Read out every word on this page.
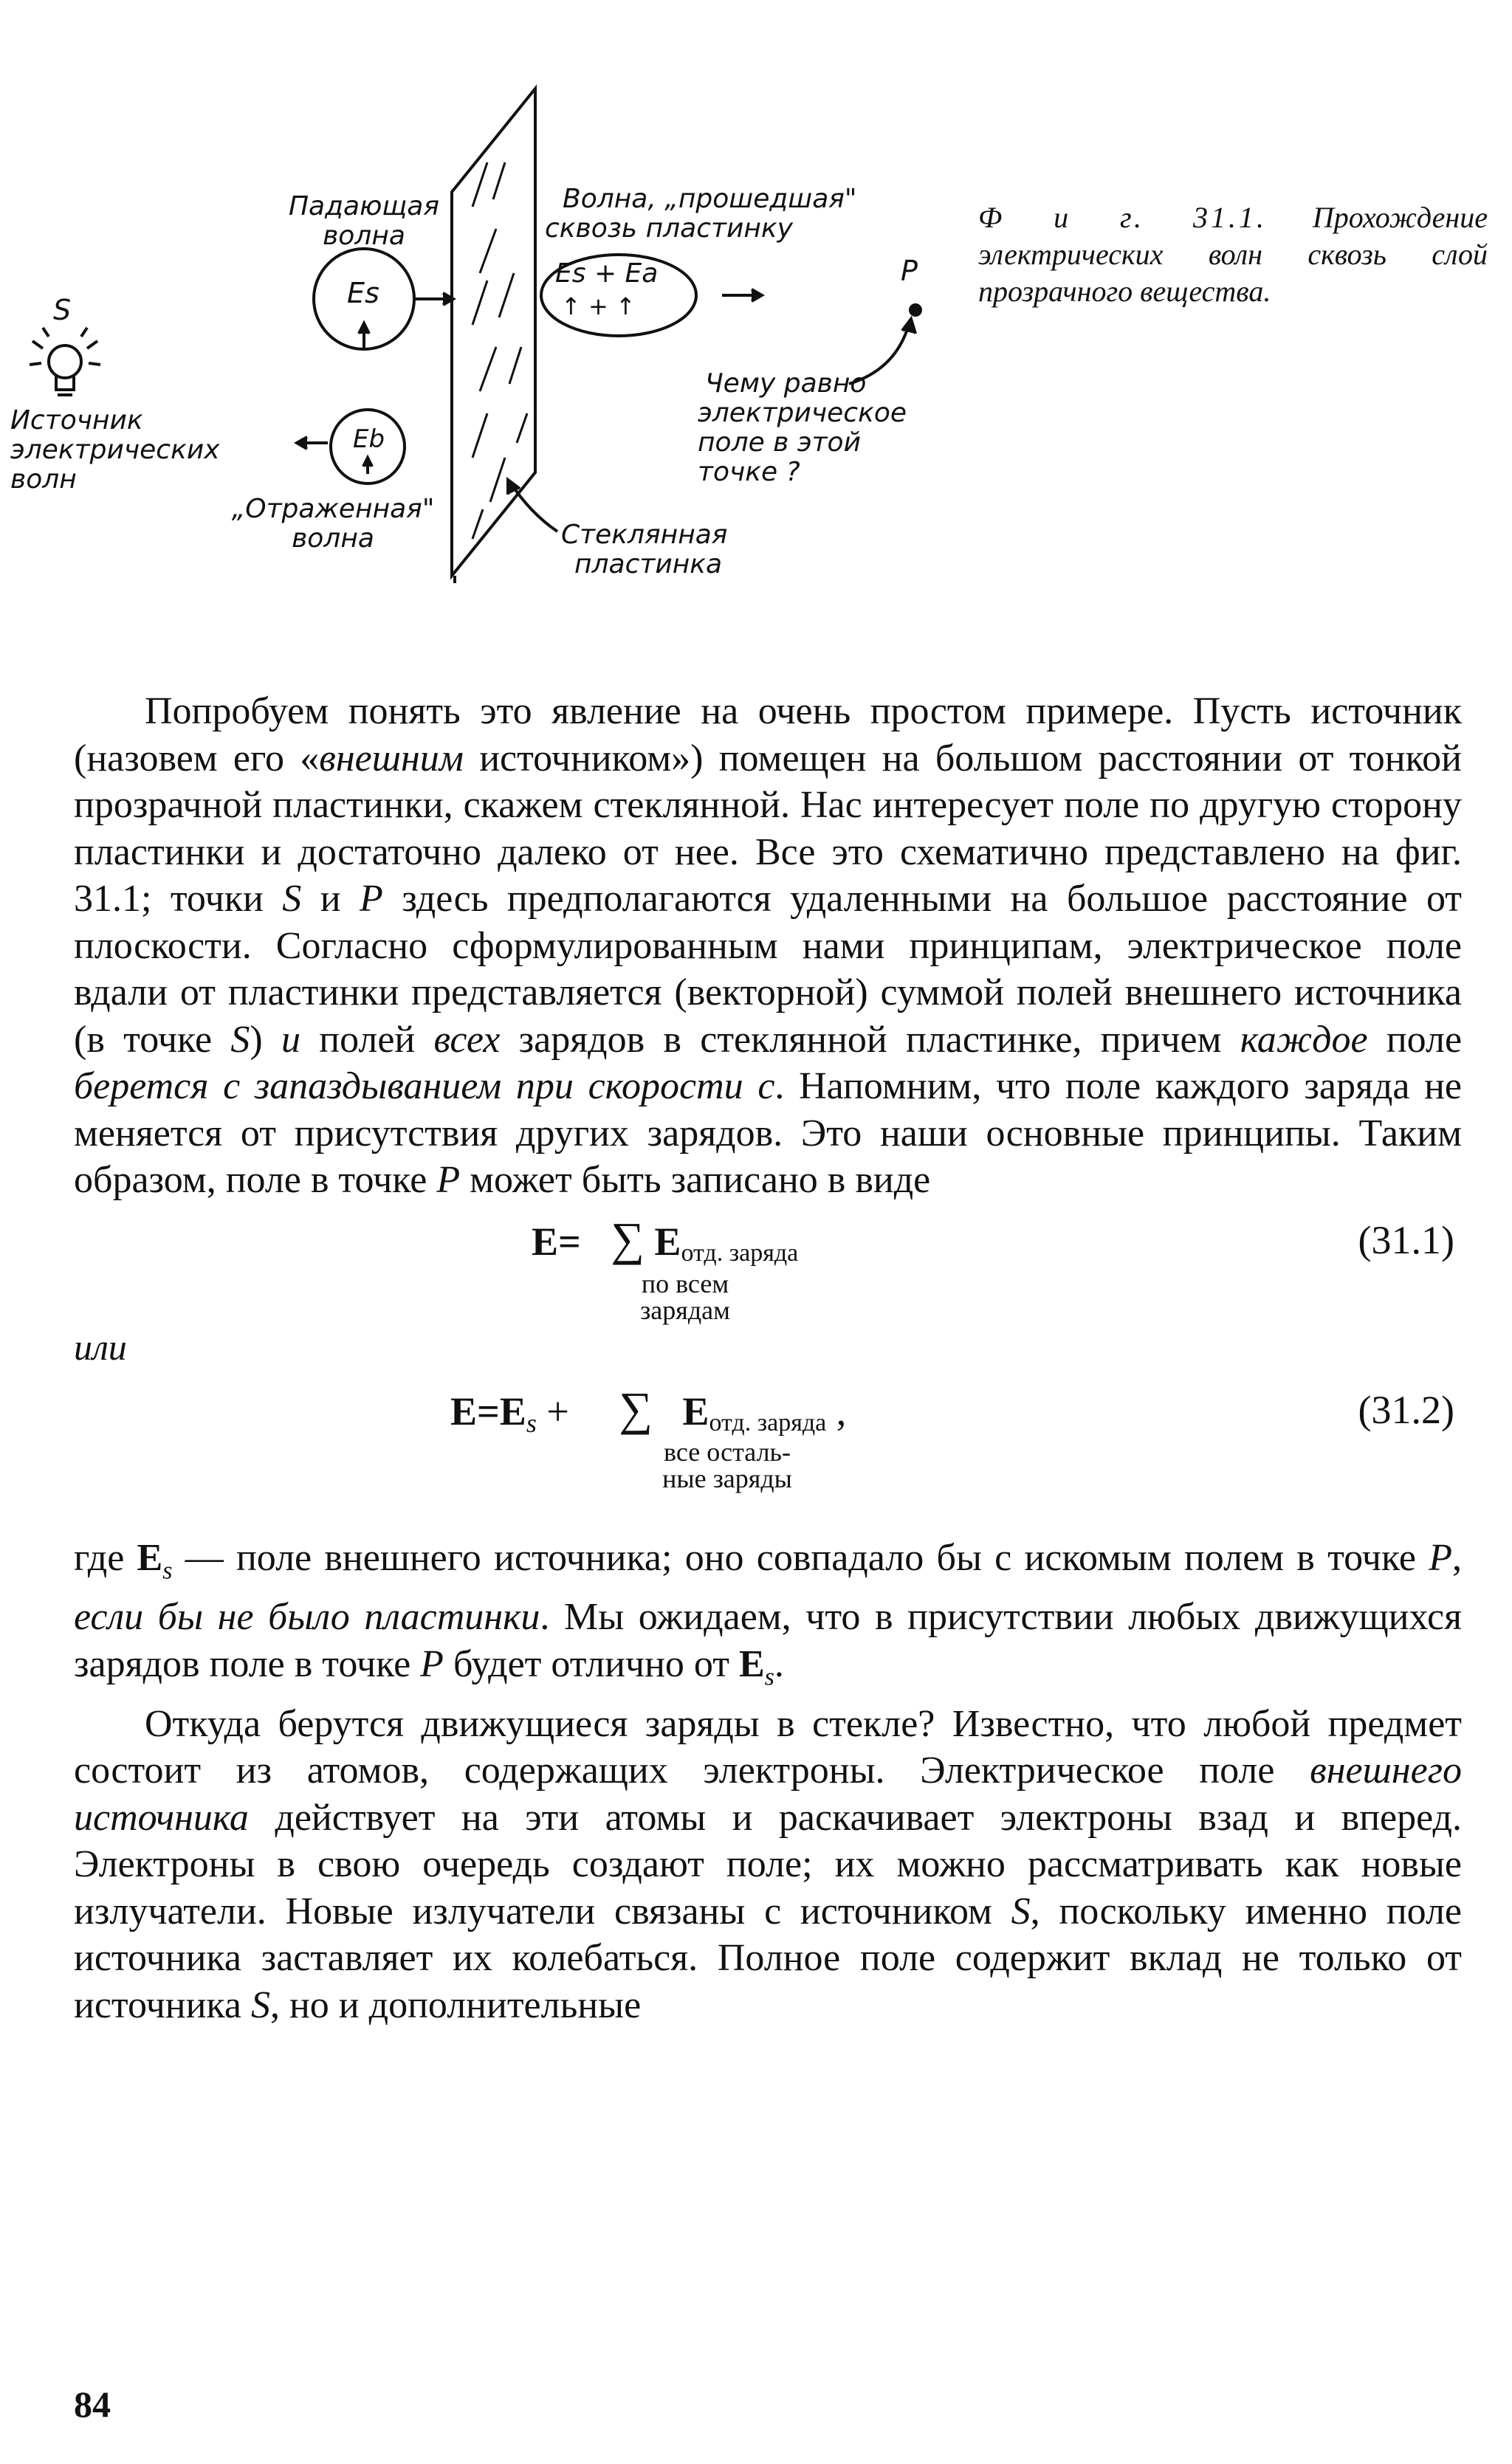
S

Источник

электрических

волн

Падающая

волна

Es
Eb

„Отраженная"

волна

Волна, „прошедшая"

сквозь пластинку

Es + Ea
↑ + ↑
P

Чему равно

электрическое

поле в этой

точке ?

Стеклянная

пластинка

Ф и г. 31.1. Прохождение электрических волн сквозь слой прозрачного вещества.

Попробуем понять это явление на очень простом примере. Пусть источник (назовем его «внешним источником») помещен на большом расстоянии от тонкой прозрачной пластинки, скажем стеклянной. Нас интересует поле по другую сторону пластинки и достаточно далеко от нее. Все это схематично представлено на фиг. 31.1; точки S и P здесь предполагаются удаленными на большое расстояние от плоскости. Согласно сформулированным нами принципам, электрическое поле вдали от пластинки представляется (векторной) суммой полей внешнего источника (в точке S) и полей всех зарядов в стеклянной пластинке, причем каждое поле берется с запаздыванием при скорости c. Напомним, что поле каждого заряда не меняется от присутствия других зарядов. Это наши основные принципы. Таким образом, поле в точке P может быть записано в виде

E= ∑ $E_{отд. заряда}$
по всем
зарядам
(31.1)
или
E=Es + ∑ $E_{отд. заряда}$ ,
все осталь-
ные заряды
(31.2)

где $E_s$ — поле внешнего источника; оно совпадало бы с искомым полем в точке P, если бы не было пластинки. Мы ожидаем, что в присутствии любых движущихся зарядов поле в точке P будет отлично от $E_s$.

Откуда берутся движущиеся заряды в стекле? Известно, что любой предмет состоит из атомов, содержащих электроны. Электрическое поле внешнего источника действует на эти атомы и раскачивает электроны взад и вперед. Электроны в свою очередь создают поле; их можно рассматривать как новые излучатели. Новые излучатели связаны с источником S, поскольку именно поле источника заставляет их колебаться. Полное поле содержит вклад не только от источника S, но и дополнительные

84
